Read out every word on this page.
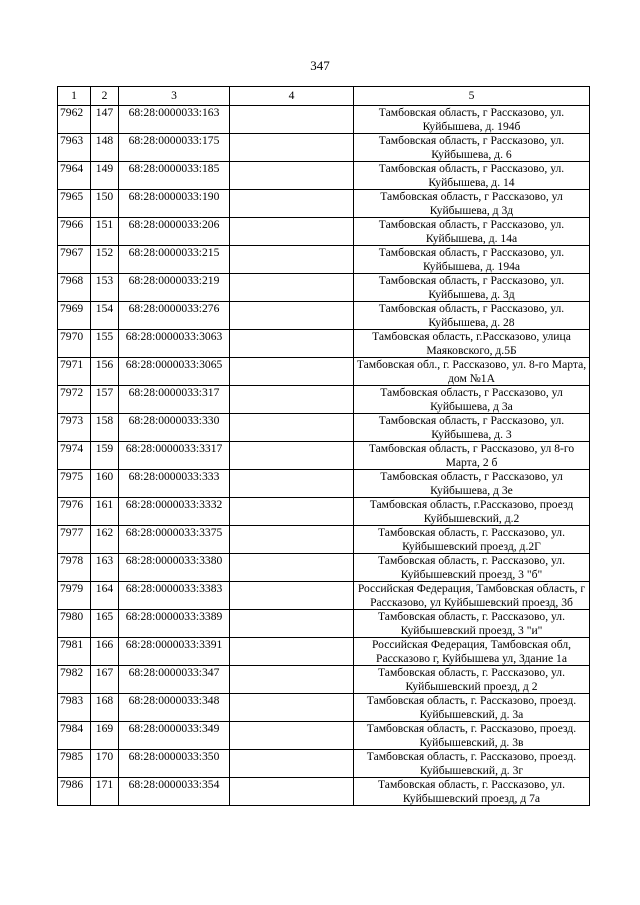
347
1	2	3	4	5
7962	147	68:28:0000033:163		Тамбовская область, г Рассказово, ул.
Куйбышева, д. 194б

7963	148	68:28:0000033:175		Тамбовская область, г Рассказово, ул.
Куйбышева, д. 6

7964	149	68:28:0000033:185		Тамбовская область, г Рассказово, ул.
Куйбышева, д. 14

7965	150	68:28:0000033:190		Тамбовская область, г Рассказово, ул
Куйбышева, д 3д

7966	151	68:28:0000033:206		Тамбовская область, г Рассказово, ул.
Куйбышева, д. 14а

7967	152	68:28:0000033:215		Тамбовская область, г Рассказово, ул.
Куйбышева, д. 194а

7968	153	68:28:0000033:219		Тамбовская область, г Рассказово, ул.
Куйбышева, д. 3д

7969	154	68:28:0000033:276		Тамбовская область, г Рассказово, ул.
Куйбышева, д. 28

7970	155	68:28:0000033:3063		Тамбовская область, г.Рассказово, улица
Маяковского, д.5Б

7971	156	68:28:0000033:3065		Тамбовская обл., г. Рассказово, ул. 8-го Марта,
дом №1А

7972	157	68:28:0000033:317		Тамбовская область, г Рассказово, ул
Куйбышева, д 3а

7973	158	68:28:0000033:330		Тамбовская область, г Рассказово, ул.
Куйбышева, д. 3

7974	159	68:28:0000033:3317		Тамбовская область, г Рассказово, ул 8-го
Марта, 2 б

7975	160	68:28:0000033:333		Тамбовская область, г Рассказово, ул
Куйбышева, д 3е

7976	161	68:28:0000033:3332		Тамбовская область, г.Рассказово, проезд
Куйбышевский, д.2

7977	162	68:28:0000033:3375		Тамбовская область, г. Рассказово, ул.
Куйбышевский проезд, д.2Г

7978	163	68:28:0000033:3380		Тамбовская область, г. Рассказово, ул.
Куйбышевский проезд, 3 "б"

7979	164	68:28:0000033:3383		Российская Федерация, Тамбовская область, г
Рассказово, ул Куйбышевский проезд, 3б

7980	165	68:28:0000033:3389		Тамбовская область, г. Рассказово, ул.
Куйбышевский проезд, 3 "и"

7981	166	68:28:0000033:3391		Российская Федерация, Тамбовская обл,
Рассказово г, Куйбышева ул, Здание 1а

7982	167	68:28:0000033:347		Тамбовская область, г. Рассказово, ул.
Куйбышевский проезд, д 2

7983	168	68:28:0000033:348		Тамбовская область, г. Рассказово, проезд.
Куйбышевский, д. 3а

7984	169	68:28:0000033:349		Тамбовская область, г. Рассказово, проезд.
Куйбышевский, д. 3в

7985	170	68:28:0000033:350		Тамбовская область, г. Рассказово, проезд.
Куйбышевский, д. 3г

7986	171	68:28:0000033:354		Тамбовская область, г. Рассказово, ул.
Куйбышевский проезд, д 7а
